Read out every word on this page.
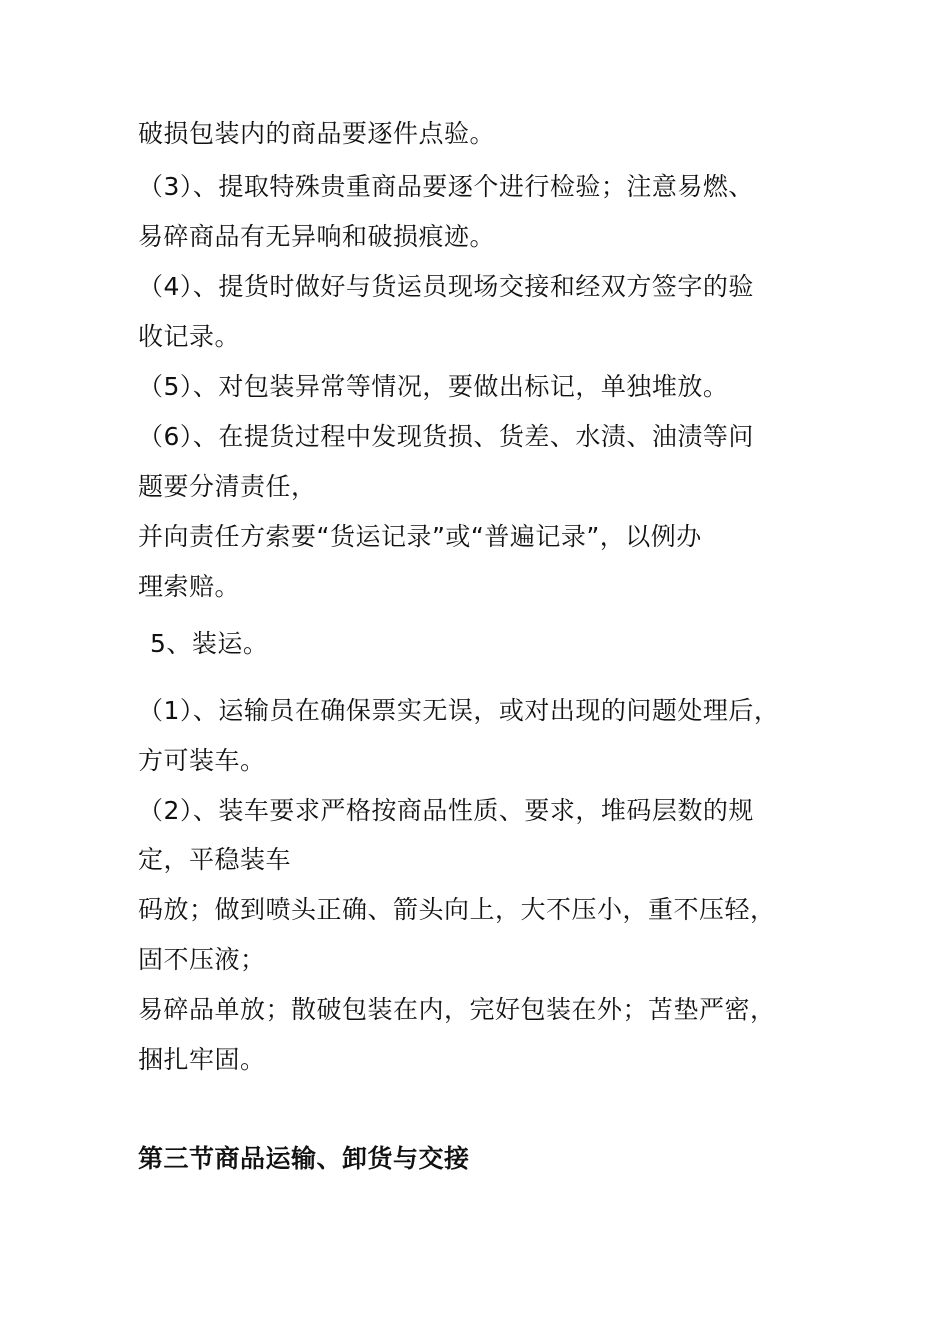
破损包装内的商品要逐件点验。
（3）、提取特殊贵重商品要逐个进行检验；注意易燃、
易碎商品有无异响和破损痕迹。
（4）、提货时做好与货运员现场交接和经双方签字的验
收记录。
（5）、对包装异常等情况，要做出标记，单独堆放。
（6）、在提货过程中发现货损、货差、水渍、油渍等问
题要分清责任，
并向责任方索要“货运记录”或“普遍记录”，以例办
理索赔。
5、装运。
（1）、运输员在确保票实无误，或对出现的问题处理后，
方可装车。
（2）、装车要求严格按商品性质、要求，堆码层数的规
定，平稳装车
码放；做到喷头正确、箭头向上，大不压小，重不压轻，
固不压液；
易碎品单放；散破包装在内，完好包装在外；苫垫严密，
捆扎牢固。
第三节商品运输、卸货与交接
